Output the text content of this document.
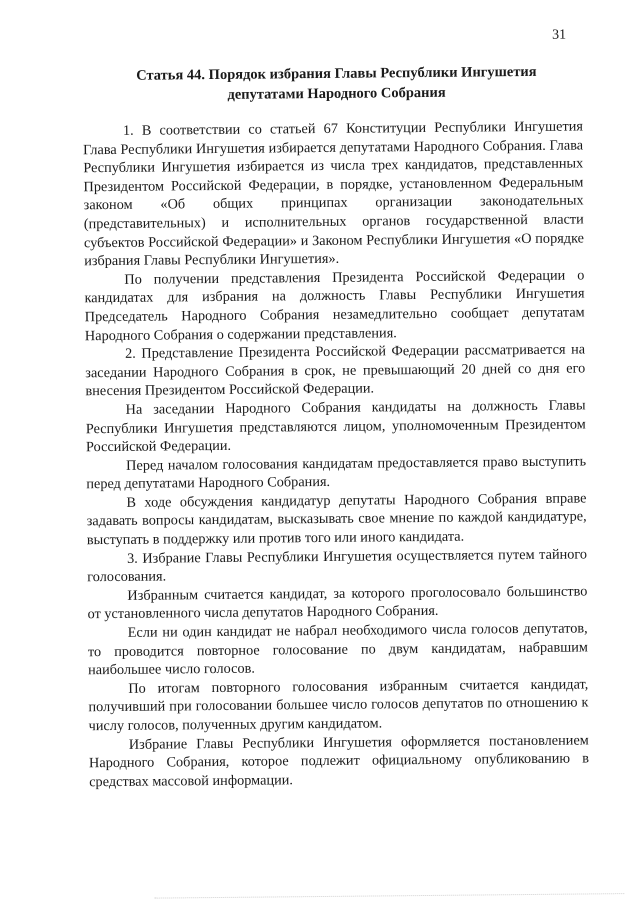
31
Статья 44. Порядок избрания Главы Республики Ингушетия депутатами Народного Собрания

1. В соответствии со статьей 67 Конституции Республики Ингушетия Глава Республики Ингушетия избирается депутатами Народного Собрания. Глава Республики Ингушетия избирается из числа трех кандидатов, представленных Президентом Российской Федерации, в порядке, установленном Федеральным законом «Об общих принципах организации законодательных (представительных) и исполнительных органов государственной власти субъектов Российской Федерации» и Законом Республики Ингушетия «О порядке избрания Главы Республики Ингушетия».

По получении представления Президента Российской Федерации о кандидатах для избрания на должность Главы Республики Ингушетия Председатель Народного Собрания незамедлительно сообщает депутатам Народного Собрания о содержании представления.

2. Представление Президента Российской Федерации рассматривается на заседании Народного Собрания в срок, не превышающий 20 дней со дня его внесения Президентом Российской Федерации.

На заседании Народного Собрания кандидаты на должность Главы Республики Ингушетия представляются лицом, уполномоченным Президентом Российской Федерации.

Перед началом голосования кандидатам предоставляется право выступить перед депутатами Народного Собрания.

В ходе обсуждения кандидатур депутаты Народного Собрания вправе задавать вопросы кандидатам, высказывать свое мнение по каждой кандидатуре, выступать в поддержку или против того или иного кандидата.

3. Избрание Главы Республики Ингушетия осуществляется путем тайного голосования.

Избранным считается кандидат, за которого проголосовало большинство от установленного числа депутатов Народного Собрания.

Если ни один кандидат не набрал необходимого числа голосов депутатов, то проводится повторное голосование по двум кандидатам, набравшим наибольшее число голосов.

По итогам повторного голосования избранным считается кандидат, получивший при голосовании большее число голосов депутатов по отношению к числу голосов, полученных другим кандидатом.

Избрание Главы Республики Ингушетия оформляется постановлением Народного Собрания, которое подлежит официальному опубликованию в средствах массовой информации.
